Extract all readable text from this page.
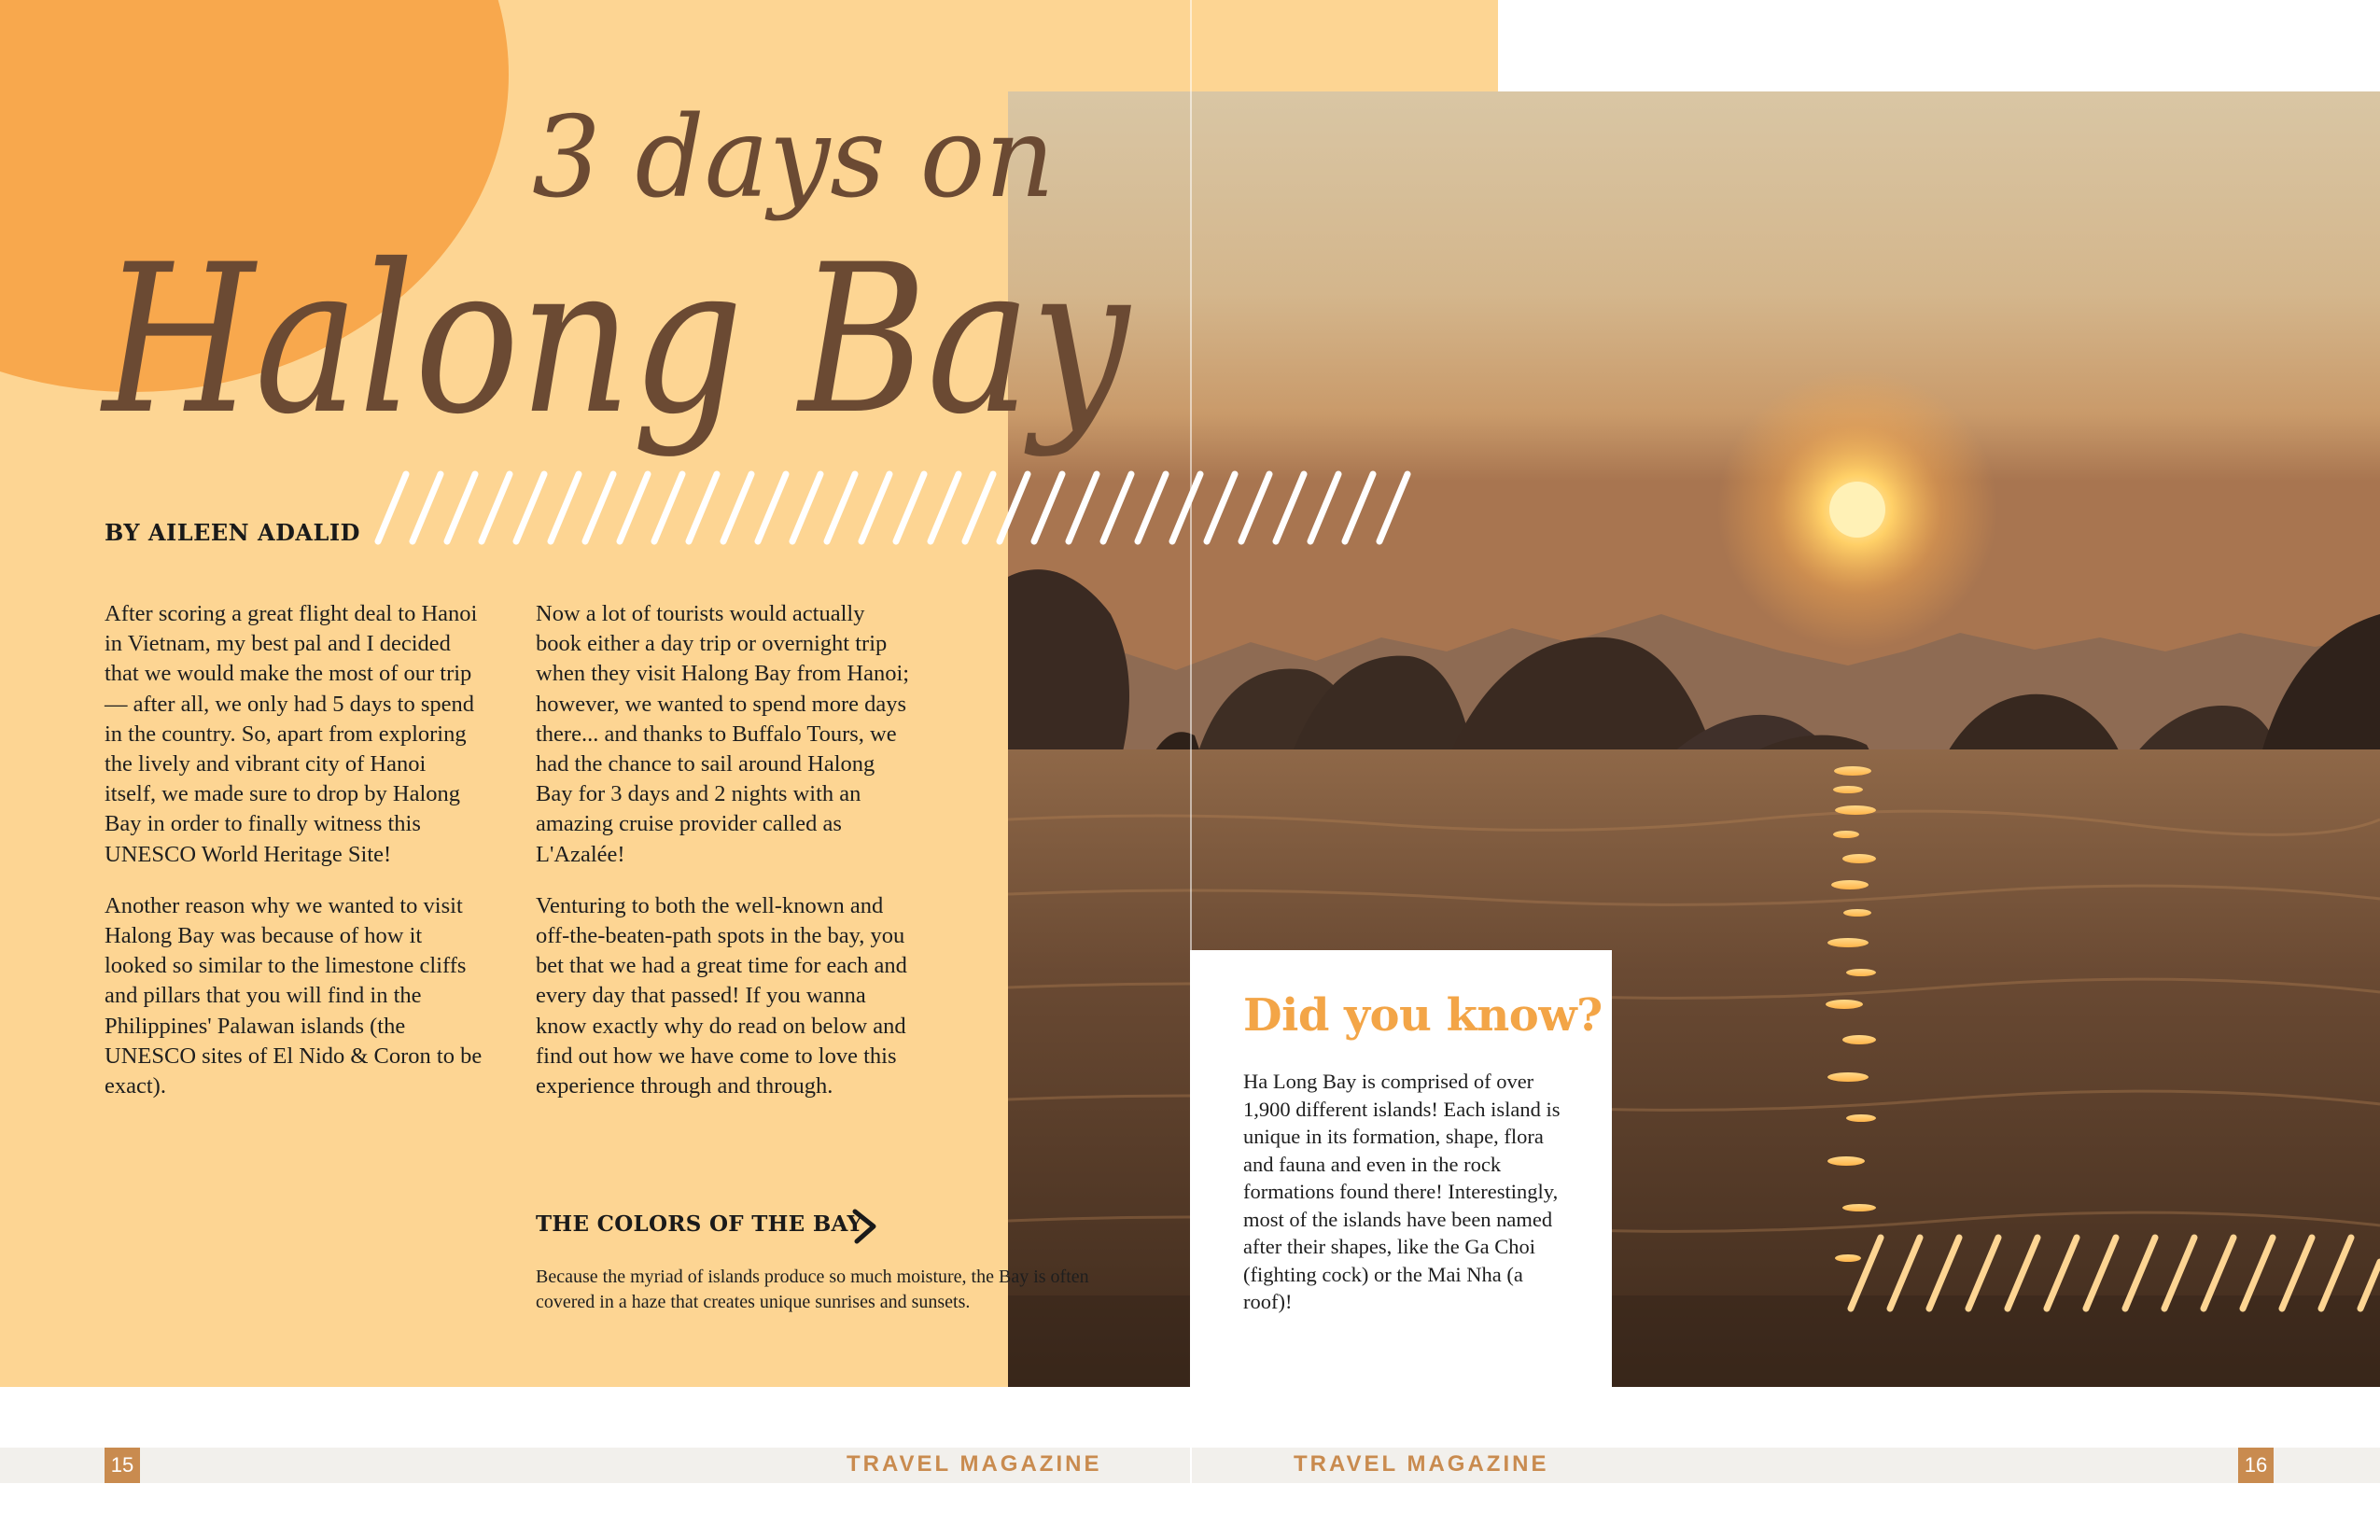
3 days on
Halong Bay
BY AILEEN ADALID

After scoring a great flight deal to Hanoi in Vietnam, my best pal and I decided that we would make the most of our trip — after all, we only had 5 days to spend in the country. So, apart from exploring the lively and vibrant city of Hanoi itself, we made sure to drop by Halong Bay in order to finally witness this UNESCO World Heritage Site!

Another reason why we wanted to visit Halong Bay was because of how it looked so similar to the limestone cliffs and pillars that you will find in the Philippines' Palawan islands (the UNESCO sites of El Nido & Coron to be exact).

Now a lot of tourists would actually book either a day trip or overnight trip when they visit Halong Bay from Hanoi; however, we wanted to spend more days there... and thanks to Buffalo Tours, we had the chance to sail around Halong Bay for 3 days and 2 nights with an amazing cruise provider called as L'Azalée!

Venturing to both the well-known and off-the-beaten-path spots in the bay, you bet that we had a great time for each and every day that passed! If you wanna know exactly why do read on below and find out how we have come to love this experience through and through.

THE COLORS OF THE BAY
Because the myriad of islands produce so much moisture, the Bay is often covered in a haze that creates unique sunrises and sunsets.
Did you know?
Ha Long Bay is comprised of over 1,900 different islands! Each island is unique in its formation, shape, flora and fauna and even in the rock formations found there! Interestingly, most of the islands have been named after their shapes, like the Ga Choi (fighting cock) or the Mai Nha (a roof)!
15	16
TRAVEL MAGAZINE	TRAVEL MAGAZINE
